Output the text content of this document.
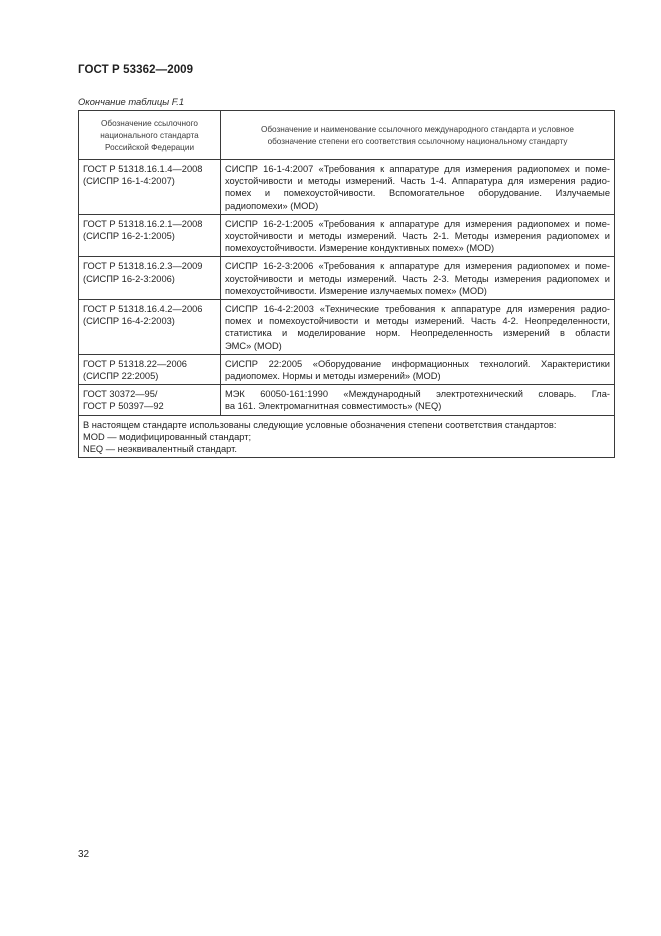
ГОСТ Р 53362—2009
Окончание таблицы F.1
Обозначение ссылочного
национального стандарта
Российской Федерации	Обозначение и наименование ссылочного международного стандарта и условное
обозначение степени его соответствия ссылочному национальному стандарту

ГОСТ Р 51318.16.1.4—2008
(СИСПР 16-1-4:2007)	СИСПР 16-1-4:2007 «Требования к аппаратуре для измерения радиопомех и поме-
хоустойчивости и методы измерений. Часть 1-4. Аппаратура для измерения радио-
помех и помехоустойчивости. Вспомогательное оборудование. Излучаемые
радиопомехи» (MOD)

ГОСТ Р 51318.16.2.1—2008
(СИСПР 16-2-1:2005)	СИСПР 16-2-1:2005 «Требования к аппаратуре для измерения радиопомех и поме-
хоустойчивости и методы измерений. Часть 2-1. Методы измерения радиопомех и
помехоустойчивости. Измерение кондуктивных помех» (MOD)

ГОСТ Р 51318.16.2.3—2009
(СИСПР 16-2-3:2006)	СИСПР 16-2-3:2006 «Требования к аппаратуре для измерения радиопомех и поме-
хоустойчивости и методы измерений. Часть 2-3. Методы измерения радиопомех и
помехоустойчивости. Измерение излучаемых помех» (MOD)

ГОСТ Р 51318.16.4.2—2006
(СИСПР 16-4-2:2003)	СИСПР 16-4-2:2003 «Технические требования к аппаратуре для измерения радио-
помех и помехоустойчивости и методы измерений. Часть 4-2. Неопределенности,
статистика и моделирование норм. Неопределенность измерений в области
ЭМС» (MOD)

ГОСТ Р 51318.22—2006
(СИСПР 22:2005)	СИСПР 22:2005 «Оборудование информационных технологий. Характеристики
радиопомех. Нормы и методы измерений» (MOD)

ГОСТ 30372—95/
ГОСТ Р 50397—92	МЭК 60050-161:1990 «Международный электротехнический словарь. Гла-
ва 161. Электромагнитная совместимость» (NEQ)

В настоящем стандарте использованы следующие условные обозначения степени соответствия стандартов:
MOD — модифицированный стандарт;
NEQ — неэквивалентный стандарт.	
32
